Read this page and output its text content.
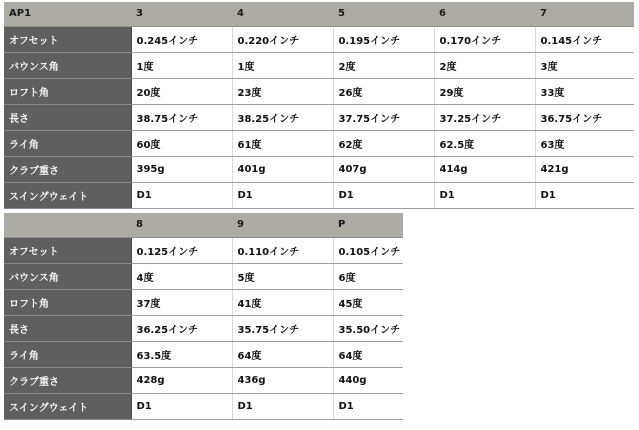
AP1	3	4	5	6	7
オフセット	0.245インチ	0.220インチ	0.195インチ	0.170インチ	0.145インチ
バウンス角	1度	1度	2度	2度	3度
ロフト角	20度	23度	26度	29度	33度
長さ	38.75インチ	38.25インチ	37.75インチ	37.25インチ	36.75インチ
ライ角	60度	61度	62度	62.5度	63度
クラブ重さ	395g	401g	407g	414g	421g
スイングウェイト	D1	D1	D1	D1	D1
	8	9	P
オフセット	0.125インチ	0.110インチ	0.105インチ
バウンス角	4度	5度	6度
ロフト角	37度	41度	45度
長さ	36.25インチ	35.75インチ	35.50インチ
ライ角	63.5度	64度	64度
クラブ重さ	428g	436g	440g
スイングウェイト	D1	D1	D1
